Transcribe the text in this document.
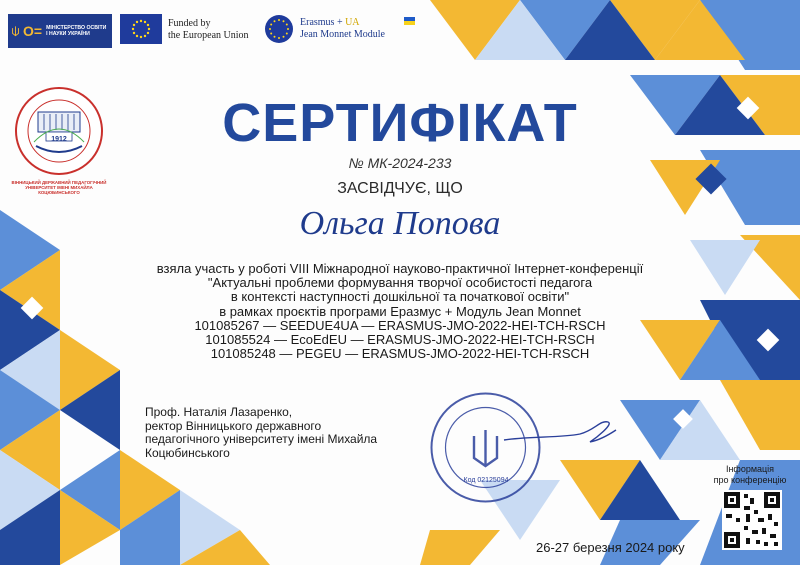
О= МІНІСТЕРСТВО ОСВІТИ І НАУКИ УКРАЇНИ
Funded by
the European Union
Erasmus + UA
Jean Monnet Module
1912
ВІННИЦЬКИЙ ДЕРЖАВНИЙ ПЕДАГОГІЧНИЙ УНІВЕРСИТЕТ ІМЕНІ МИХАЙЛА КОЦЮБИНСЬКОГО
СЕРТИФІКАТ
№ МК-2024-233
ЗАСВІДЧУЄ, ЩО
Ольга Попова
взяла участь у роботі VIII Міжнародної науково-практичної Інтернет-конференції
"Актуальні проблеми формування творчої особистості педагога
в контексті наступності дошкільної та початкової освіти"
в рамках проєктів програми Еразмус + Модуль Jean Monnet
101085267 — SEEDUE4UA — ERASMUS-JMO-2022-HEI-TCH-RSCH
101085524 — EcoEdEU — ERASMUS-JMO-2022-HEI-TCH-RSCH
101085248 — PEGEU — ERASMUS-JMO-2022-HEI-TCH-RSCH
Проф. Наталія Лазаренко,
ректор Вінницького державного
педагогічного університету імені Михайла
Коцюбинського
Код 02125094
Інформація
про конференцію
26-27 березня 2024 року
